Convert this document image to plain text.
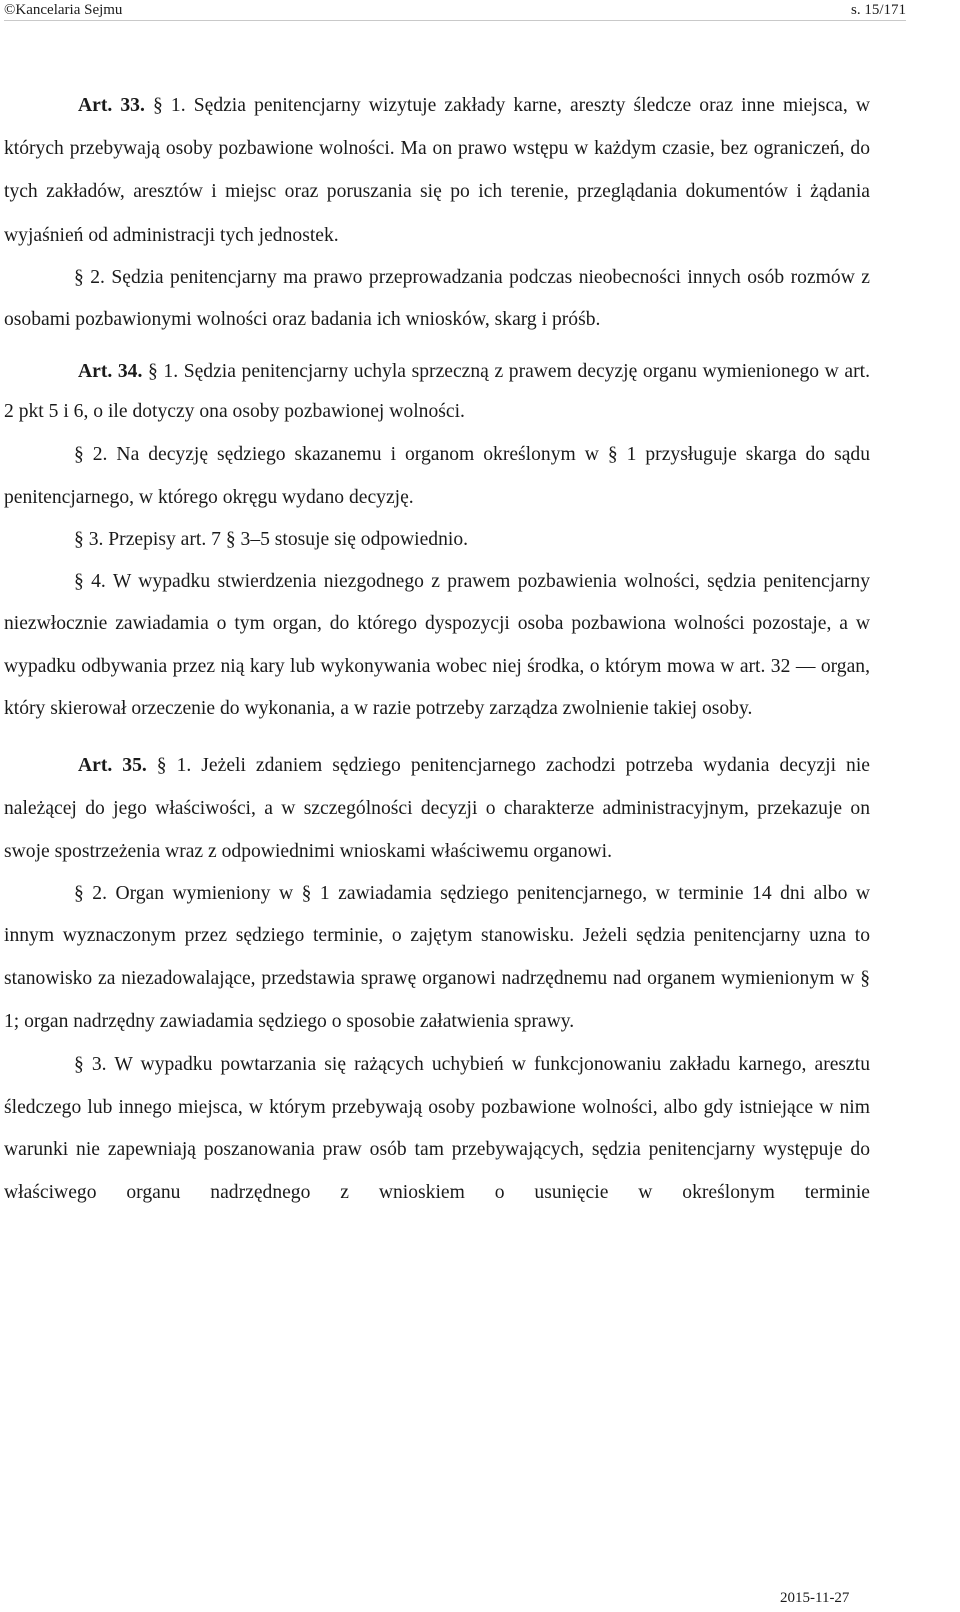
©Kancelaria Sejmu	s. 15/171

Art. 33. § 1. Sędzia penitencjarny wizytuje zakłady karne, areszty śledcze oraz inne miejsca, w których przebywają osoby pozbawione wolności. Ma on prawo wstępu w każdym czasie, bez ograniczeń, do tych zakładów, aresztów i miejsc oraz poruszania się po ich terenie, przeglądania dokumentów i żądania wyjaśnień od administracji tych jednostek.

§ 2. Sędzia penitencjarny ma prawo przeprowadzania podczas nieobecności innych osób rozmów z osobami pozbawionymi wolności oraz badania ich wniosków, skarg i próśb.

Art. 34. § 1. Sędzia penitencjarny uchyla sprzeczną z prawem decyzję organu wymienionego w art. 2 pkt 5 i 6, o ile dotyczy ona osoby pozbawionej wolności.

§ 2. Na decyzję sędziego skazanemu i organom określonym w § 1 przysługuje skarga do sądu penitencjarnego, w którego okręgu wydano decyzję.

§ 3. Przepisy art. 7 § 3–5 stosuje się odpowiednio.

§ 4. W wypadku stwierdzenia niezgodnego z prawem pozbawienia wolności, sędzia penitencjarny niezwłocznie zawiadamia o tym organ, do którego dyspozycji osoba pozbawiona wolności pozostaje, a w wypadku odbywania przez nią kary lub wykonywania wobec niej środka, o którym mowa w art. 32 — organ, który skierował orzeczenie do wykonania, a w razie potrzeby zarządza zwolnienie takiej osoby.

Art. 35. § 1. Jeżeli zdaniem sędziego penitencjarnego zachodzi potrzeba wydania decyzji nie należącej do jego właściwości, a w szczególności decyzji o charakterze administracyjnym, przekazuje on swoje spostrzeżenia wraz z odpowiednimi wnioskami właściwemu organowi.

§ 2. Organ wymieniony w § 1 zawiadamia sędziego penitencjarnego, w terminie 14 dni albo w innym wyznaczonym przez sędziego terminie, o zajętym stanowisku. Jeżeli sędzia penitencjarny uzna to stanowisko za niezadowalające, przedstawia sprawę organowi nadrzędnemu nad organem wymienionym w § 1; organ nadrzędny zawiadamia sędziego o sposobie załatwienia sprawy.

§ 3. W wypadku powtarzania się rażących uchybień w funkcjonowaniu zakładu karnego, aresztu śledczego lub innego miejsca, w którym przebywają osoby pozbawione wolności, albo gdy istniejące w nim warunki nie zapewniają poszanowania praw osób tam przebywających, sędzia penitencjarny występuje do właściwego organu nadrzędnego z wnioskiem o usunięcie w określonym terminie

2015-11-27
